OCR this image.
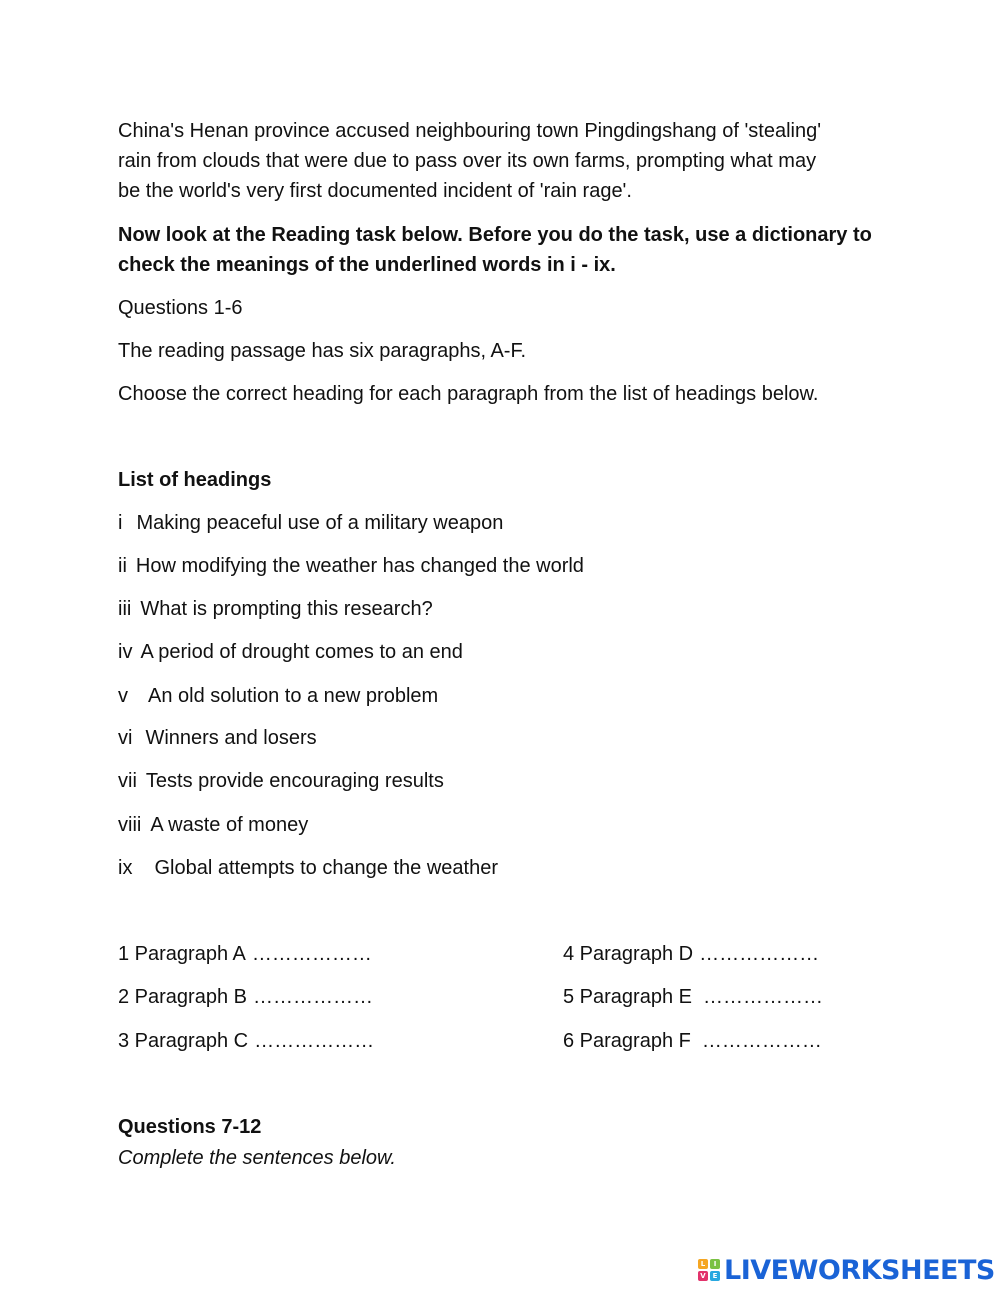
China's Henan province accused neighbouring town Pingdingshang of 'stealing'
rain from clouds that were due to pass over its own farms, prompting what may
be the world's very first documented incident of 'rain rage'.
Now look at the Reading task below. Before you do the task, use a dictionary to
check the meanings of the underlined words in i - ix.
Questions 1-6
The reading passage has six paragraphs, A-F.
Choose the correct heading for each paragraph from the list of headings below.
List of headings
i Making peaceful use of a military weapon
ii How modifying the weather has changed the world
iii What is prompting this research?
iv A period of drought comes to an end
v An old solution to a new problem
vi Winners and losers
vii Tests provide encouraging results
viii A waste of money
ix Global attempts to change the weather
1 Paragraph A ………………	4 Paragraph D ………………
2 Paragraph B ………………	5 Paragraph E ………………
3 Paragraph C ………………	6 Paragraph F ………………
Questions 7-12
Complete the sentences below.
L	I
V E LIVEWORKSHEETS
